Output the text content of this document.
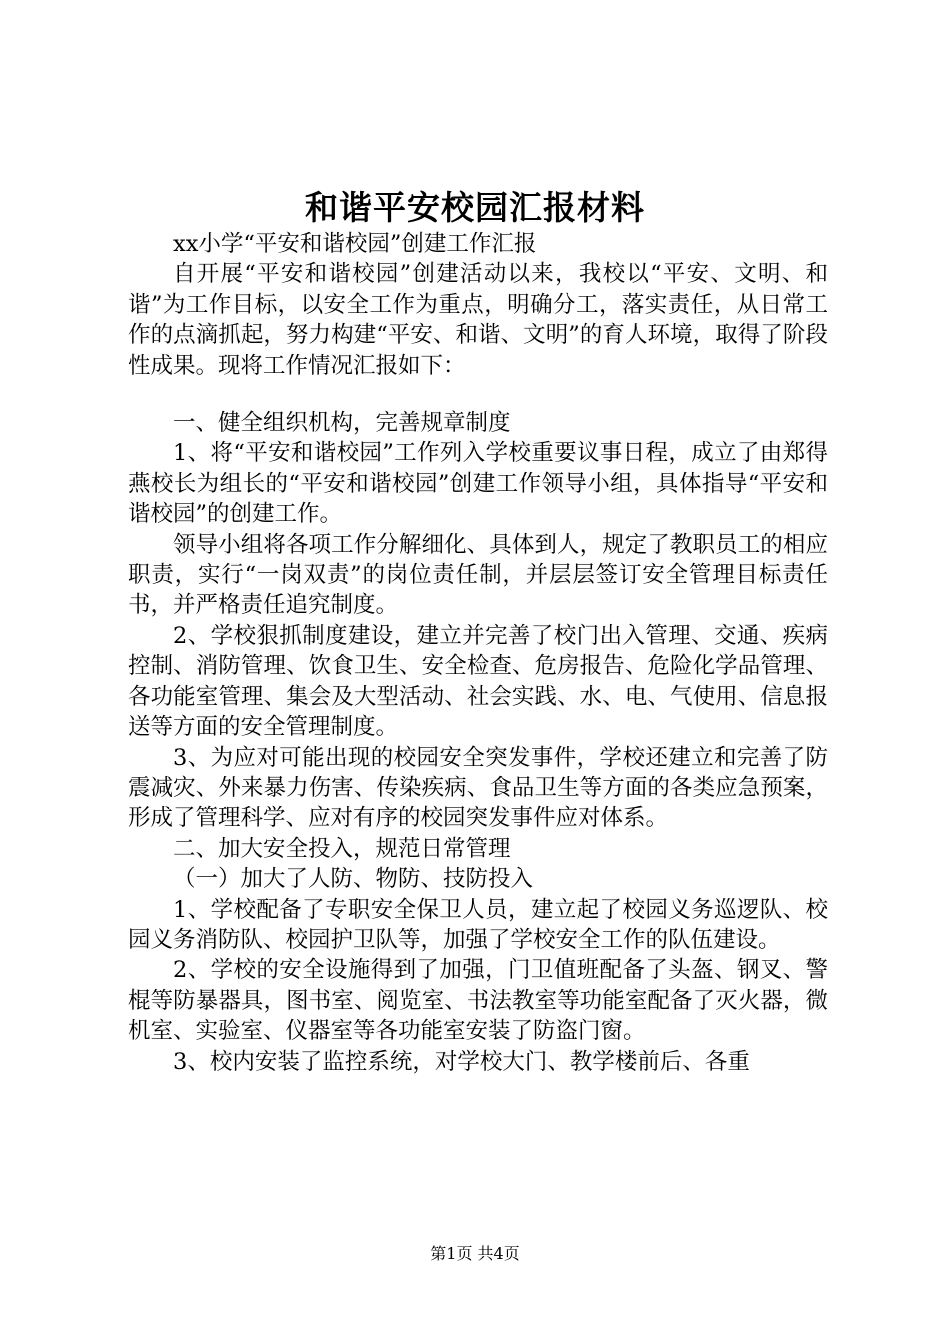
和谐平安校园汇报材料

xx小学“平安和谐校园”创建工作汇报

自开展“平安和谐校园”创建活动以来，我校以“平安、文明、和谐”为工作目标，以安全工作为重点，明确分工，落实责任，从日常工作的点滴抓起，努力构建“平安、和谐、文明”的育人环境，取得了阶段性成果。现将工作情况汇报如下：

一、健全组织机构，完善规章制度

1、将“平安和谐校园”工作列入学校重要议事日程，成立了由郑得燕校长为组长的“平安和谐校园”创建工作领导小组，具体指导“平安和谐校园”的创建工作。

领导小组将各项工作分解细化、具体到人，规定了教职员工的相应职责，实行“一岗双责”的岗位责任制，并层层签订安全管理目标责任书，并严格责任追究制度。

2、学校狠抓制度建设，建立并完善了校门出入管理、交通、疾病控制、消防管理、饮食卫生、安全检查、危房报告、危险化学品管理、各功能室管理、集会及大型活动、社会实践、水、电、气使用、信息报送等方面的安全管理制度。

3、为应对可能出现的校园安全突发事件，学校还建立和完善了防震减灾、外来暴力伤害、传染疾病、食品卫生等方面的各类应急预案，形成了管理科学、应对有序的校园突发事件应对体系。

二、加大安全投入，规范日常管理

（一）加大了人防、物防、技防投入

1、学校配备了专职安全保卫人员，建立起了校园义务巡逻队、校园义务消防队、校园护卫队等，加强了学校安全工作的队伍建设。

2、学校的安全设施得到了加强，门卫值班配备了头盔、钢叉、警棍等防暴器具，图书室、阅览室、书法教室等功能室配备了灭火器，微机室、实验室、仪器室等各功能室安装了防盗门窗。

3、校内安装了监控系统，对学校大门、教学楼前后、各重

第1页 共4页
